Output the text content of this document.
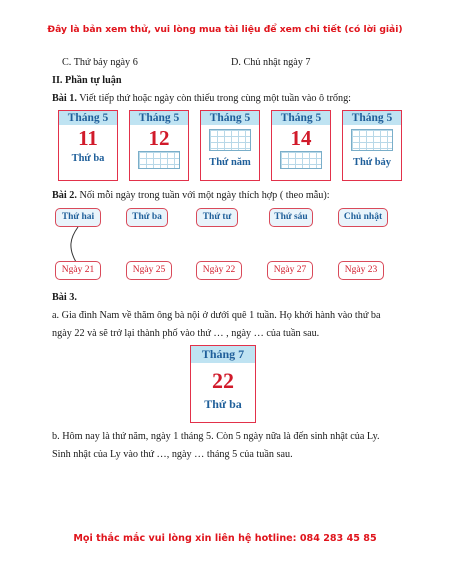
Đây là bản xem thử, vui lòng mua tài liệu để xem chi tiết (có lời giải)
C. Thứ bảy ngày 6	D. Chủ nhật ngày 7
II. Phần tự luận
Bài 1. Viết tiếp thứ hoặc ngày còn thiếu trong cùng một tuần vào ô trống:
Tháng 5
11
Thứ ba
Tháng 5
12
Tháng 5
Thứ năm
Tháng 5
14
Tháng 5
Thứ bảy
Bài 2. Nối mỗi ngày trong tuần với một ngày thích hợp ( theo mẫu):
Thứ hai	Thứ ba	Thứ tư	Thứ sáu	Chủ nhật
Ngày 21	Ngày 25	Ngày 22	Ngày 27	Ngày 23
Bài 3.
a. Gia đình Nam về thăm ông bà nội ở dưới quê 1 tuần. Họ khởi hành vào thứ ba
ngày 22 và sẽ trở lại thành phố vào thứ … , ngày … của tuần sau.
Tháng 7
22
Thứ ba
b. Hôm nay là thứ năm, ngày 1 tháng 5. Còn 5 ngày nữa là đến sinh nhật của Ly.
Sinh nhật của Ly vào thứ …, ngày … tháng 5 của tuần sau.
Mọi thắc mắc vui lòng xin liên hệ hotline: 084 283 45 85
